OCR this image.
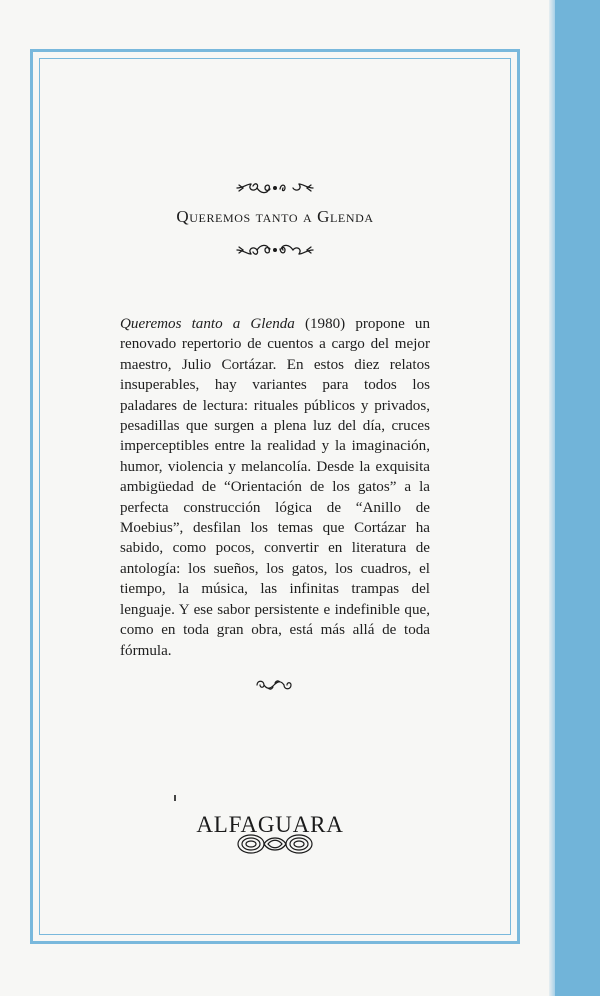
Queremos tanto a Glenda
Queremos tanto a Glenda (1980) propone un renovado repertorio de cuentos a cargo del mejor maestro, Julio Cortázar. En estos diez relatos insuperables, hay variantes para todos los paladares de lectura: rituales públicos y privados, pesadillas que surgen a plena luz del día, cruces imperceptibles entre la realidad y la imaginación, humor, violencia y melancolía. Desde la exquisita ambigüedad de “Orientación de los gatos” a la perfecta construcción lógica de “Anillo de Moebius”, desfilan los temas que Cortázar ha sabido, como pocos, convertir en literatura de antología: los sueños, los gatos, los cuadros, el tiempo, la música, las infinitas trampas del lenguaje. Y ese sabor persistente e indefinible que, como en toda gran obra, está más allá de toda fórmula.
ALFAGUARA
